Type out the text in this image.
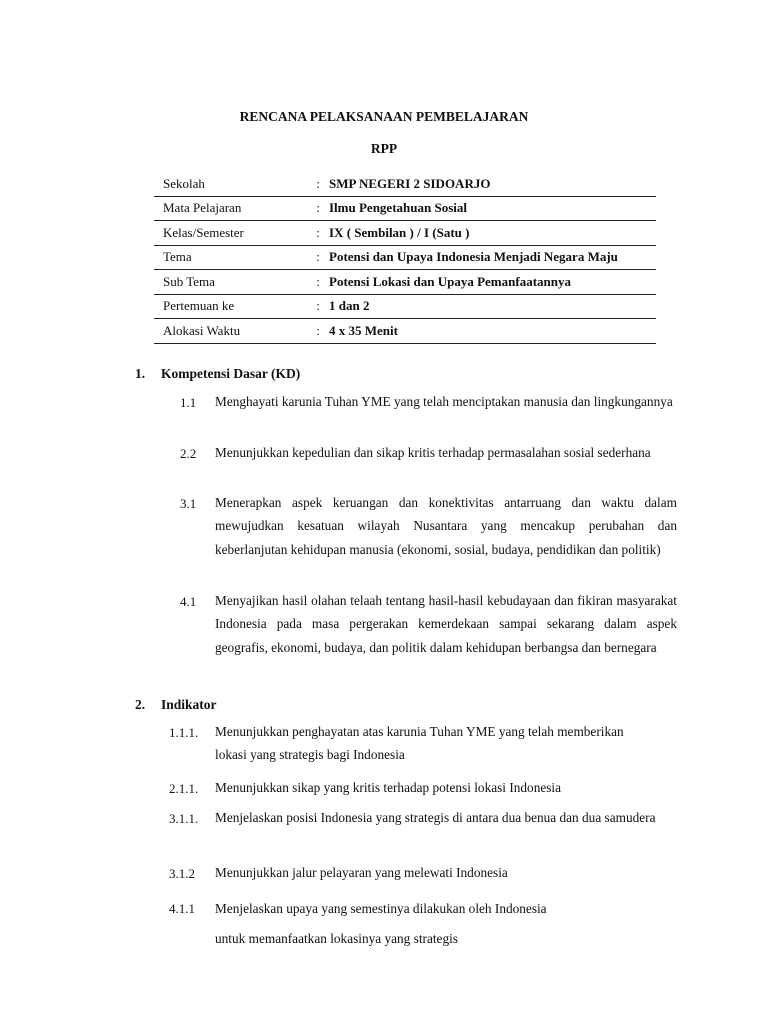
RENCANA PELAKSANAAN PEMBELAJARAN
RPP
Sekolah	:	SMP NEGERI 2 SIDOARJO
Mata Pelajaran	:	Ilmu Pengetahuan Sosial
Kelas/Semester	:	IX ( Sembilan ) / I (Satu )
Tema	:	Potensi dan Upaya Indonesia Menjadi Negara Maju
Sub Tema	:	Potensi Lokasi dan Upaya Pemanfaatannya
Pertemuan ke	:	1 dan 2
Alokasi Waktu	:	4 x 35 Menit
1. Kompetensi Dasar (KD)
1.1 Menghayati karunia Tuhan YME yang telah menciptakan manusia dan lingkungannya
2.2 Menunjukkan kepedulian dan sikap kritis terhadap permasalahan sosial sederhana
3.1 Menerapkan aspek keruangan dan konektivitas antarruang dan waktu dalam mewujudkan kesatuan wilayah Nusantara yang mencakup perubahan dan keberlanjutan kehidupan manusia (ekonomi, sosial, budaya, pendidikan dan politik)
4.1 Menyajikan hasil olahan telaah tentang hasil-hasil kebudayaan dan fikiran masyarakat Indonesia pada masa pergerakan kemerdekaan sampai sekarang dalam aspek geografis, ekonomi, budaya, dan politik dalam kehidupan berbangsa dan bernegara
2. Indikator
1.1.1. Menunjukkan penghayatan atas karunia Tuhan YME yang telah memberikan lokasi yang strategis bagi Indonesia
2.1.1. Menunjukkan sikap yang kritis terhadap potensi lokasi Indonesia
3.1.1. Menjelaskan posisi Indonesia yang strategis di antara dua benua dan dua samudera
3.1.2 Menunjukkan jalur pelayaran yang melewati Indonesia
4.1.1 Menjelaskan upaya yang semestinya dilakukan oleh Indonesia
untuk memanfaatkan lokasinya yang strategis
